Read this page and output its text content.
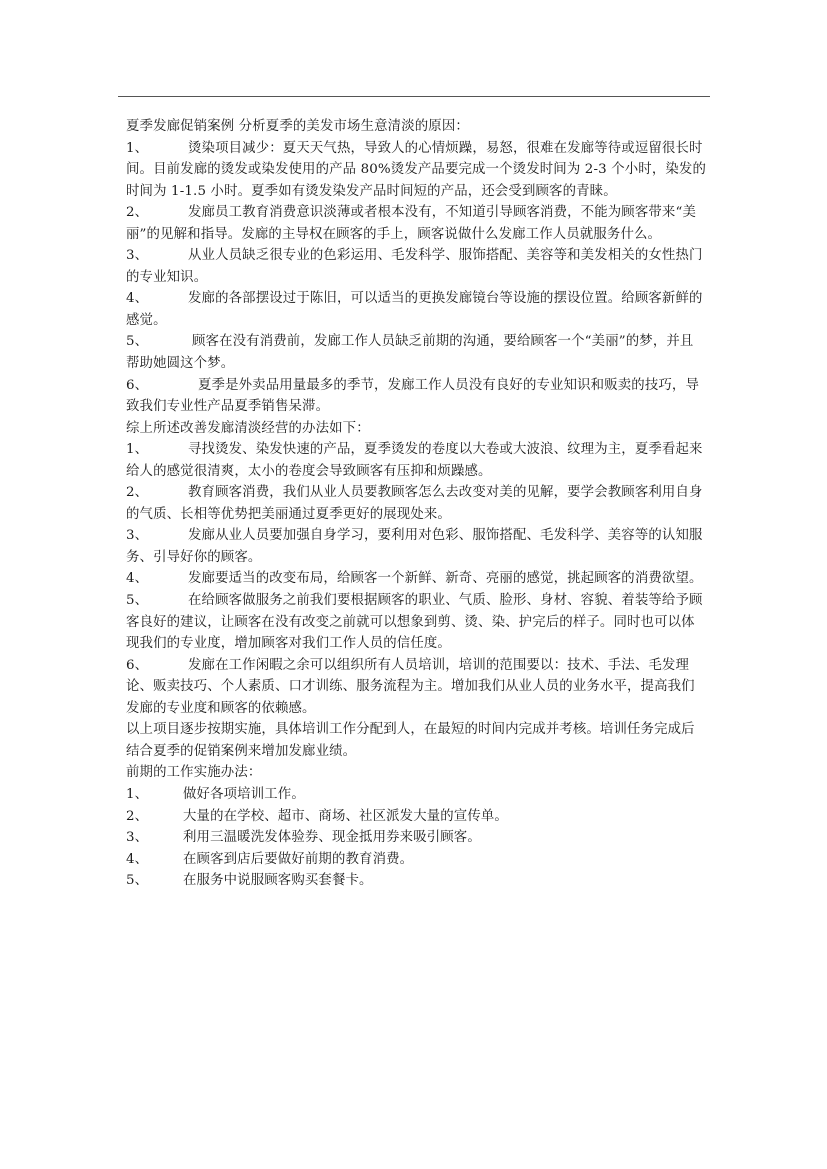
夏季发廊促销案例 分析夏季的美发市场生意清淡的原因：

1、	烫染项目减少：夏天天气热，导致人的心情烦躁，易怒，很难在发廊等待或逗留很长时间。目前发廊的烫发或染发使用的产品 80%烫发产品要完成一个烫发时间为 2-3 个小时，染发的时间为 1-1.5 小时。夏季如有烫发染发产品时间短的产品，还会受到顾客的青睐。

2、	发廊员工教育消费意识淡薄或者根本没有，不知道引导顾客消费，不能为顾客带来“美丽”的见解和指导。发廊的主导权在顾客的手上，顾客说做什么发廊工作人员就服务什么。

3、	从业人员缺乏很专业的色彩运用、毛发科学、服饰搭配、美容等和美发相关的女性热门的专业知识。

4、	发廊的各部摆设过于陈旧，可以适当的更换发廊镜台等设施的摆设位置。给顾客新鲜的感觉。

5、	顾客在没有消费前，发廊工作人员缺乏前期的沟通，要给顾客一个“美丽”的梦，并且帮助她圆这个梦。

6、	夏季是外卖品用量最多的季节，发廊工作人员没有良好的专业知识和贩卖的技巧，导致我们专业性产品夏季销售呆滞。

综上所述改善发廊清淡经营的办法如下：

1、	寻找烫发、染发快速的产品，夏季烫发的卷度以大卷或大波浪、纹理为主，夏季看起来给人的感觉很清爽，太小的卷度会导致顾客有压抑和烦躁感。

2、	教育顾客消费，我们从业人员要教顾客怎么去改变对美的见解，要学会教顾客利用自身的气质、长相等优势把美丽通过夏季更好的展现处来。

3、	发廊从业人员要加强自身学习，要利用对色彩、服饰搭配、毛发科学、美容等的认知服务、引导好你的顾客。

4、	发廊要适当的改变布局，给顾客一个新鲜、新奇、亮丽的感觉，挑起顾客的消费欲望。

5、	在给顾客做服务之前我们要根据顾客的职业、气质、脸形、身材、容貌、着装等给予顾客良好的建议，让顾客在没有改变之前就可以想象到剪、烫、染、护完后的样子。同时也可以体现我们的专业度，增加顾客对我们工作人员的信任度。

6、	发廊在工作闲暇之余可以组织所有人员培训，培训的范围要以：技术、手法、毛发理论、贩卖技巧、个人素质、口才训练、服务流程为主。增加我们从业人员的业务水平，提高我们发廊的专业度和顾客的依赖感。

以上项目逐步按期实施，具体培训工作分配到人，在最短的时间内完成并考核。培训任务完成后结合夏季的促销案例来增加发廊业绩。

前期的工作实施办法：

1、	做好各项培训工作。

2、	大量的在学校、超市、商场、社区派发大量的宣传单。

3、	利用三温暖洗发体验券、现金抵用券来吸引顾客。

4、	在顾客到店后要做好前期的教育消费。

5、	在服务中说服顾客购买套餐卡。
